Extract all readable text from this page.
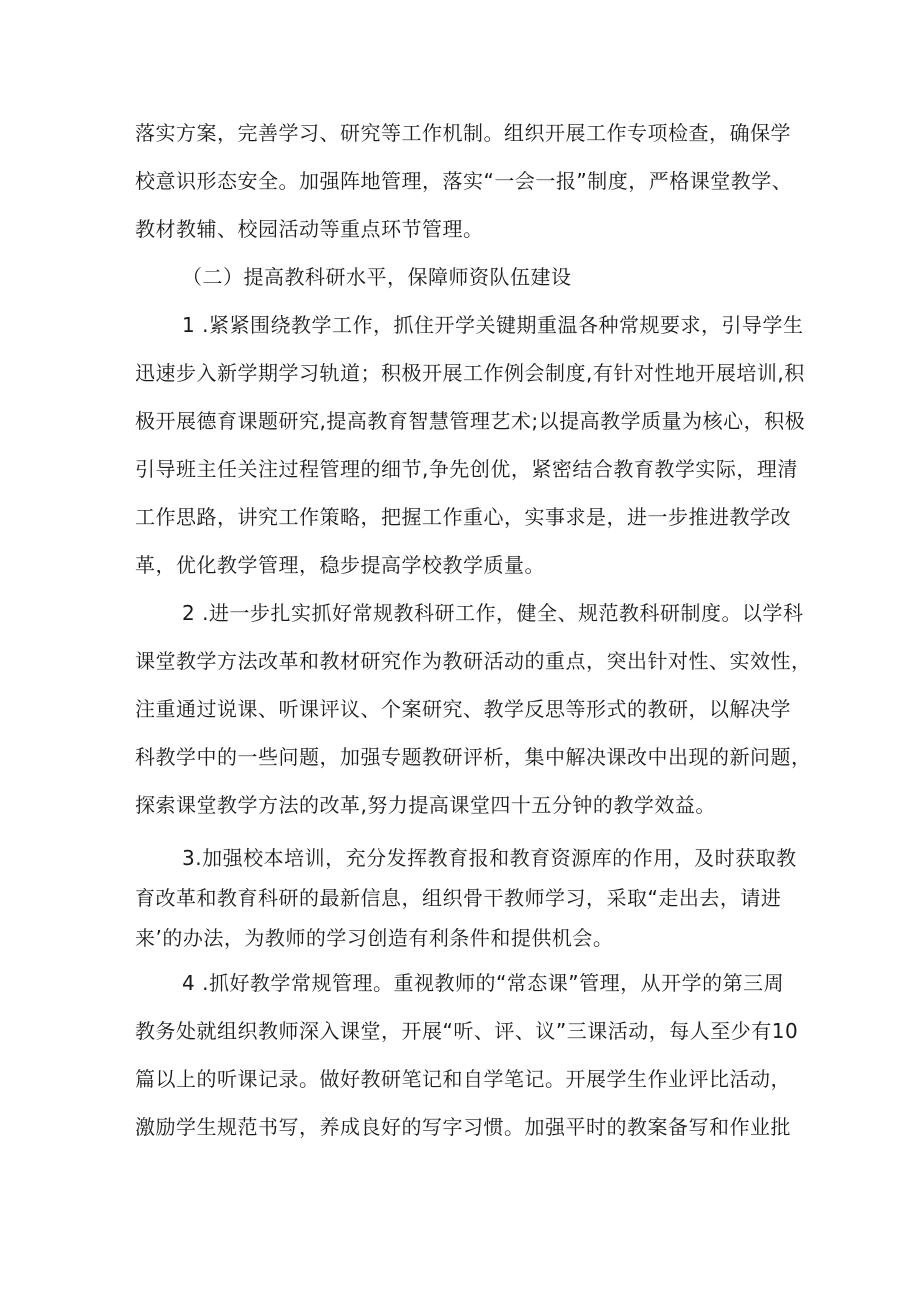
落实方案，完善学习、研究等工作机制。组织开展工作专项检查，确保学
校意识形态安全。加强阵地管理，落实“一会一报”制度，严格课堂教学、
教材教辅、校园活动等重点环节管理。
（二）提高教科研水平，保障师资队伍建设
1 .紧紧围绕教学工作，抓住开学关键期重温各种常规要求，引导学生
迅速步入新学期学习轨道；积极开展工作例会制度,有针对性地开展培训,积
极开展德育课题研究,提高教育智慧管理艺术;以提高教学质量为核心，积极
引导班主任关注过程管理的细节,争先创优，紧密结合教育教学实际，理清
工作思路，讲究工作策略，把握工作重心，实事求是，进一步推进教学改
革，优化教学管理，稳步提高学校教学质量。
2 .进一步扎实抓好常规教科研工作，健全、规范教科研制度。以学科
课堂教学方法改革和教材研究作为教研活动的重点，突出针对性、实效性，
注重通过说课、听课评议、个案研究、教学反思等形式的教研，以解决学
科教学中的一些问题，加强专题教研评析，集中解决课改中出现的新问题，
探索课堂教学方法的改革,努力提高课堂四十五分钟的教学效益。
3.加强校本培训，充分发挥教育报和教育资源库的作用，及时获取教
育改革和教育科研的最新信息，组织骨干教师学习，采取“走出去，请进
来’的办法，为教师的学习创造有利条件和提供机会。
4 .抓好教学常规管理。重视教师的“常态课”管理，从开学的第三周
教务处就组织教师深入课堂，开展“听、评、议”三课活动，每人至少有10
篇以上的听课记录。做好教研笔记和自学笔记。开展学生作业评比活动，
激励学生规范书写，养成良好的写字习惯。加强平时的教案备写和作业批
